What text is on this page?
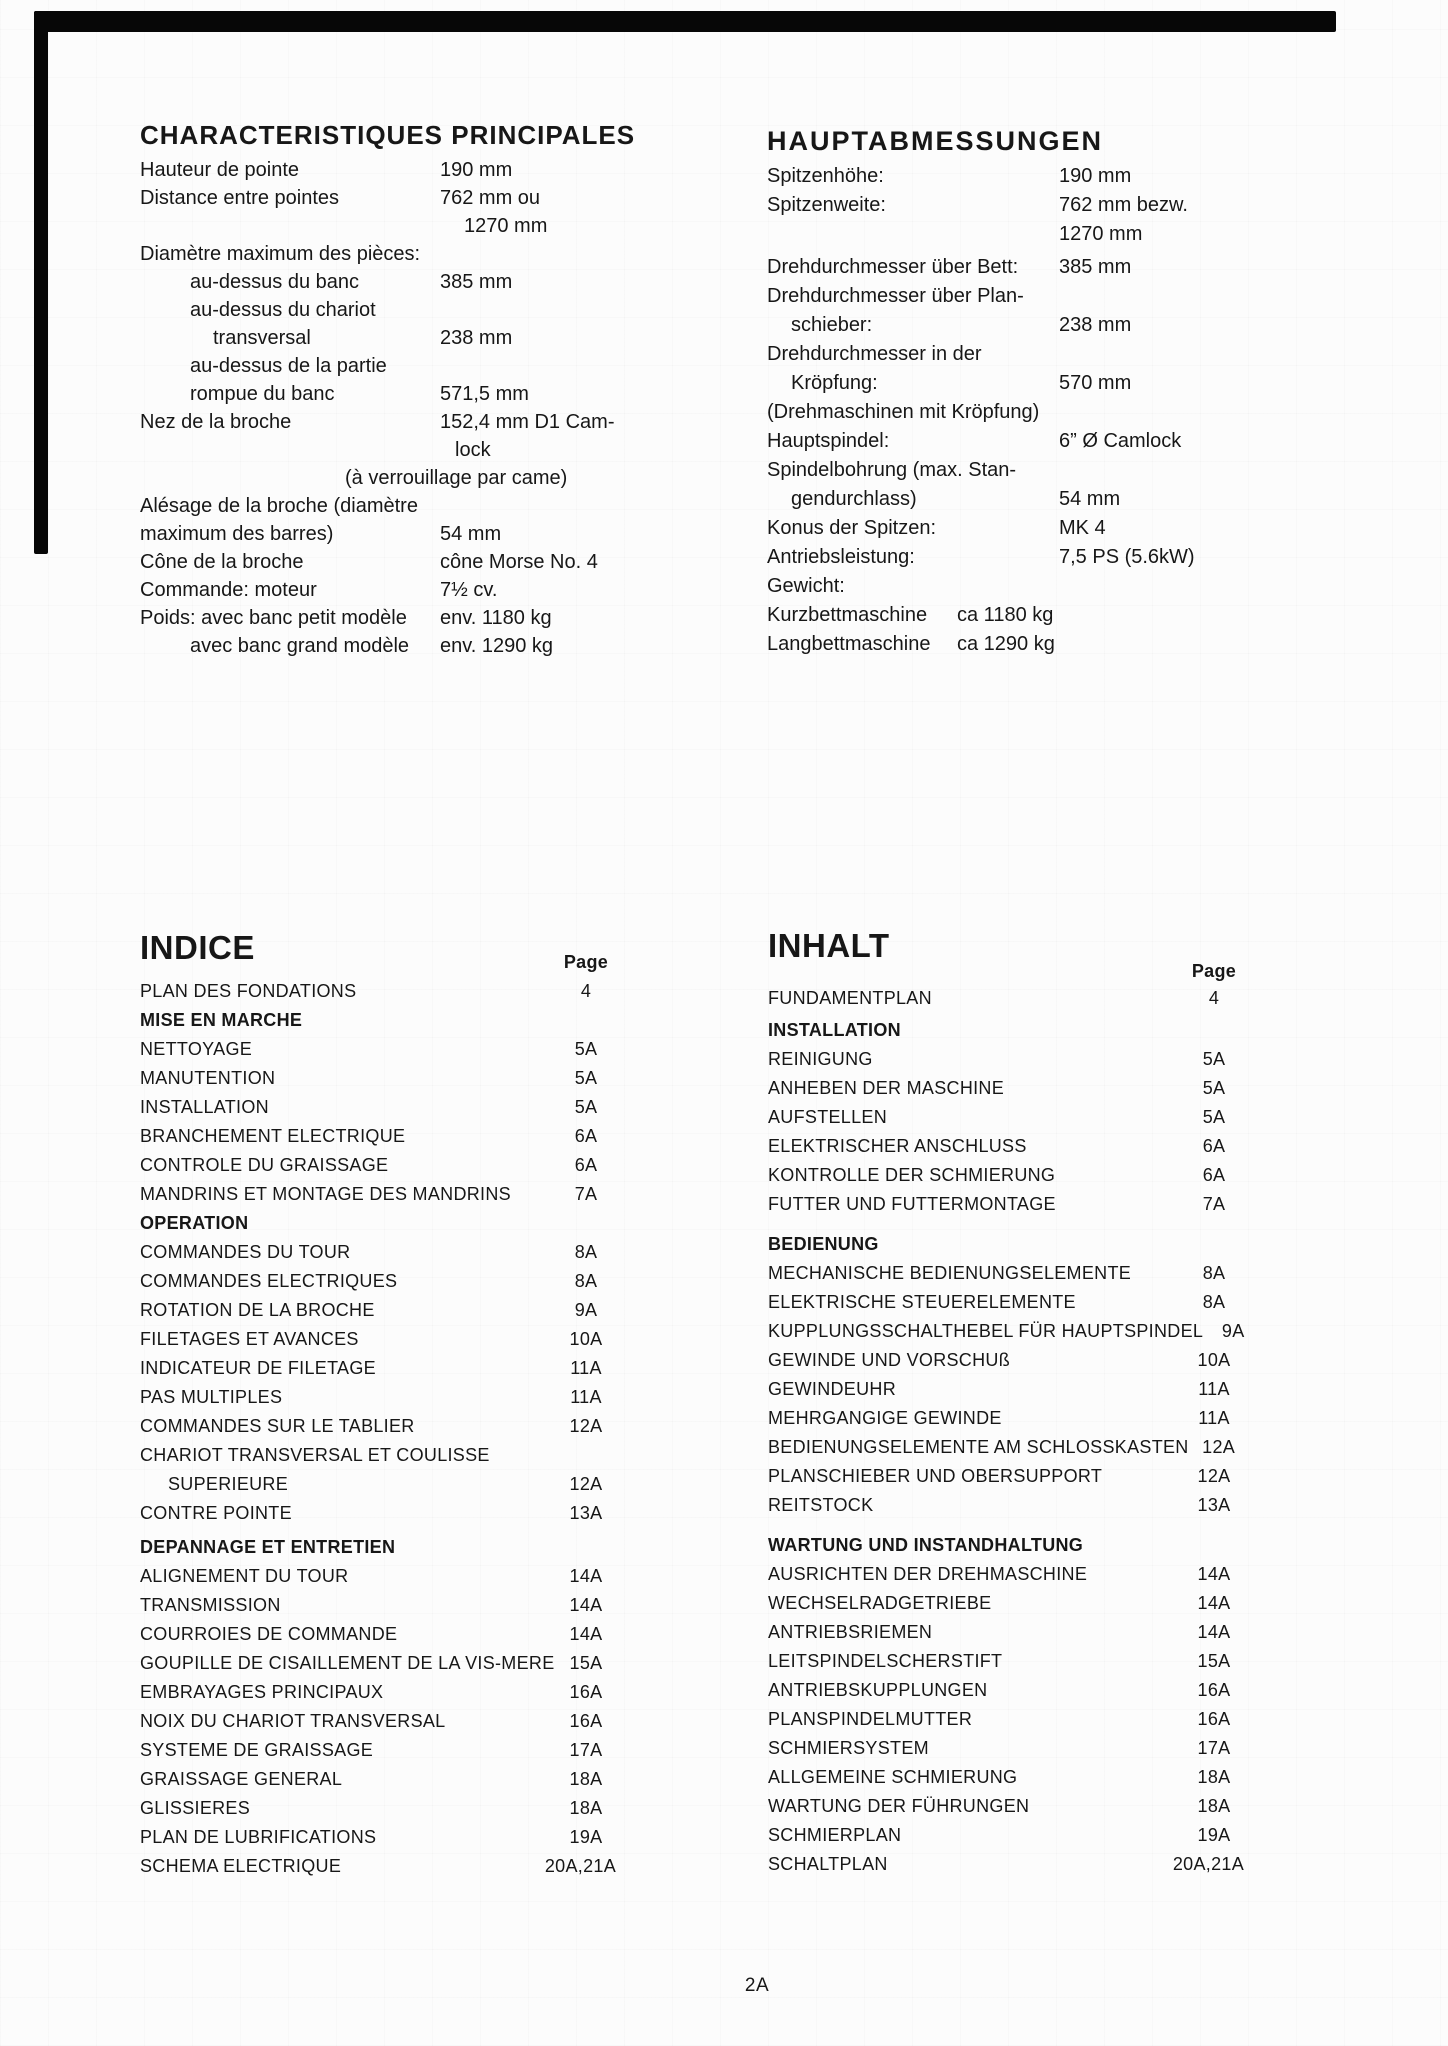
CHARACTERISTIQUES PRINCIPALES
Hauteur de pointe	190 mm
Distance entre pointes	762 mm ou
1270 mm
Diamètre maximum des pièces:
au-dessus du banc	385 mm
au-dessus du chariot
transversal	238 mm
au-dessus de la partie
rompue du banc	571,5 mm
Nez de la broche	152,4 mm D1 Cam-
lock
(à verrouillage par came)
Alésage de la broche (diamètre
maximum des barres)	54 mm
Cône de la broche	cône Morse No. 4
Commande: moteur	7½ cv.
Poids: avec banc petit modèle	env. 1180 kg
avec banc grand modèle	env. 1290 kg
HAUPTABMESSUNGEN
Spitzenhöhe:	190 mm
Spitzenweite:	762 mm bezw.
1270 mm
Drehdurchmesser über Bett:	385 mm
Drehdurchmesser über Plan-
schieber:	238 mm
Drehdurchmesser in der
Kröpfung:	570 mm
(Drehmaschinen mit Kröpfung)
Hauptspindel:	6” Ø Camlock
Spindelbohrung (max. Stan-
gendurchlass)	54 mm
Konus der Spitzen:	MK 4
Antriebsleistung:	7,5 PS (5.6kW)
Gewicht:
Kurzbettmaschine	ca 1180 kg
Langbettmaschine	ca 1290 kg
INDICE	Page
PLAN DES FONDATIONS	4
MISE EN MARCHE
NETTOYAGE	5A
MANUTENTION	5A
INSTALLATION	5A
BRANCHEMENT ELECTRIQUE	6A
CONTROLE DU GRAISSAGE	6A
MANDRINS ET MONTAGE DES MANDRINS	7A
OPERATION
COMMANDES DU TOUR	8A
COMMANDES ELECTRIQUES	8A
ROTATION DE LA BROCHE	9A
FILETAGES ET AVANCES	10A
INDICATEUR DE FILETAGE	11A
PAS MULTIPLES	11A
COMMANDES SUR LE TABLIER	12A
CHARIOT TRANSVERSAL ET COULISSE
SUPERIEURE	12A
CONTRE POINTE	13A
DEPANNAGE ET ENTRETIEN
ALIGNEMENT DU TOUR	14A
TRANSMISSION	14A
COURROIES DE COMMANDE	14A
GOUPILLE DE CISAILLEMENT DE LA VIS-MERE 15A
EMBRAYAGES PRINCIPAUX	16A
NOIX DU CHARIOT TRANSVERSAL	16A
SYSTEME DE GRAISSAGE	17A
GRAISSAGE GENERAL	18A
GLISSIERES	18A
PLAN DE LUBRIFICATIONS	19A
SCHEMA ELECTRIQUE	20A,21A
INHALT
Page
FUNDAMENTPLAN	4
INSTALLATION
REINIGUNG	5A
ANHEBEN DER MASCHINE	5A
AUFSTELLEN	5A
ELEKTRISCHER ANSCHLUSS	6A
KONTROLLE DER SCHMIERUNG	6A
FUTTER UND FUTTERMONTAGE	7A
BEDIENUNG
MECHANISCHE BEDIENUNGSELEMENTE	8A
ELEKTRISCHE STEUERELEMENTE	8A
KUPPLUNGSSCHALTHEBEL FÜR HAUPTSPINDEL	9A
GEWINDE UND VORSCHUß	10A
GEWINDEUHR	11A
MEHRGANGIGE GEWINDE	11A
BEDIENUNGSELEMENTE AM SCHLOSSKASTEN 12A
PLANSCHIEBER UND OBERSUPPORT	12A
REITSTOCK	13A
WARTUNG UND INSTANDHALTUNG
AUSRICHTEN DER DREHMASCHINE	14A
WECHSELRADGETRIEBE	14A
ANTRIEBSRIEMEN	14A
LEITSPINDELSCHERSTIFT	15A
ANTRIEBSKUPPLUNGEN	16A
PLANSPINDELMUTTER	16A
SCHMIERSYSTEM	17A
ALLGEMEINE SCHMIERUNG	18A
WARTUNG DER FÜHRUNGEN	18A
SCHMIERPLAN	19A
SCHALTPLAN	20A,21A
2A
